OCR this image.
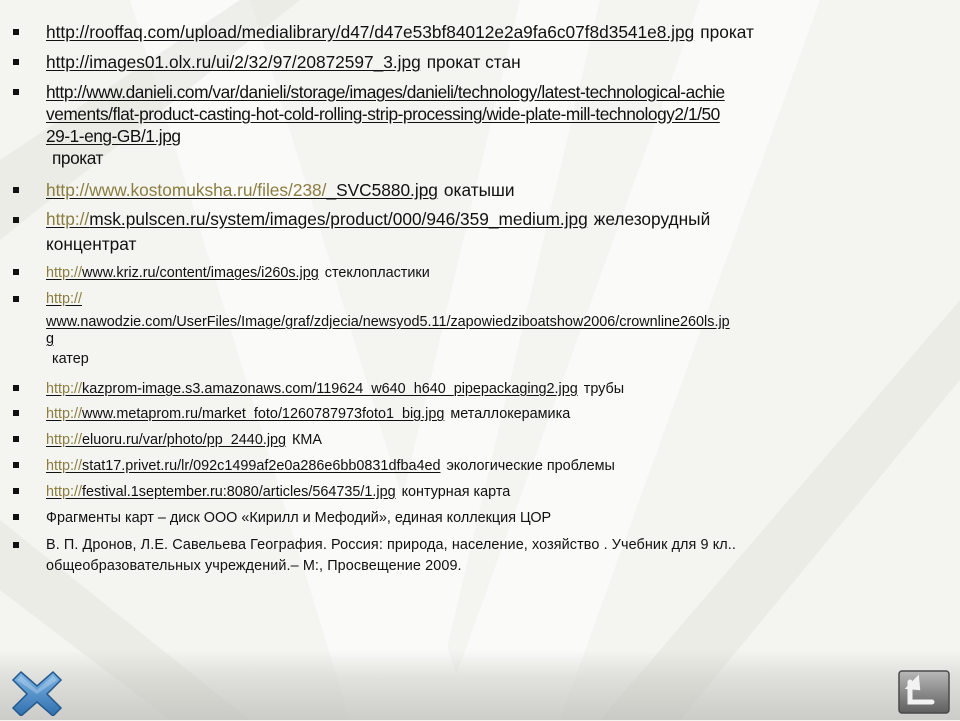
http://rooffaq.com/upload/medialibrary/d47/d47e53bf84012e2a9fa6c07f8d3541e8.jpg прокат
http://images01.olx.ru/ui/2/32/97/20872597_3.jpg прокат стан
http://www.danieli.com/var/danieli/storage/images/danieli/technology/latest-technological-achie
vements/flat-product-casting-hot-cold-rolling-strip-processing/wide-plate-mill-technology2/1/50
29-1-eng-GB/1.jpg
прокат
http://www.kostomuksha.ru/files/238/_SVC5880.jpg окатыши
http://msk.pulscen.ru/system/images/product/000/946/359_medium.jpg железорудный
концентрат
http://www.kriz.ru/content/images/i260s.jpg стеклопластики
http://
www.nawodzie.com/UserFiles/Image/graf/zdjecia/newsyod5.11/zapowiedziboatshow2006/crownline260ls.jp
g
катер
http://kazprom-image.s3.amazonaws.com/119624_w640_h640_pipepackaging2.jpg трубы
http://www.metaprom.ru/market_foto/1260787973foto1_big.jpg металлокерамика
http://eluoru.ru/var/photo/pp_2440.jpg КМА
http://stat17.privet.ru/lr/092c1499af2e0a286e6bb0831dfba4ed экологические проблемы
http://festival.1september.ru:8080/articles/564735/1.jpg контурная карта
Фрагменты карт – диск ООО «Кирилл и Мефодий», единая коллекция ЦОР
В. П. Дронов, Л.Е. Савельева География. Россия: природа, население, хозяйство . Учебник для 9 кл..
общеобразовательных учреждений.– М:, Просвещение 2009.
